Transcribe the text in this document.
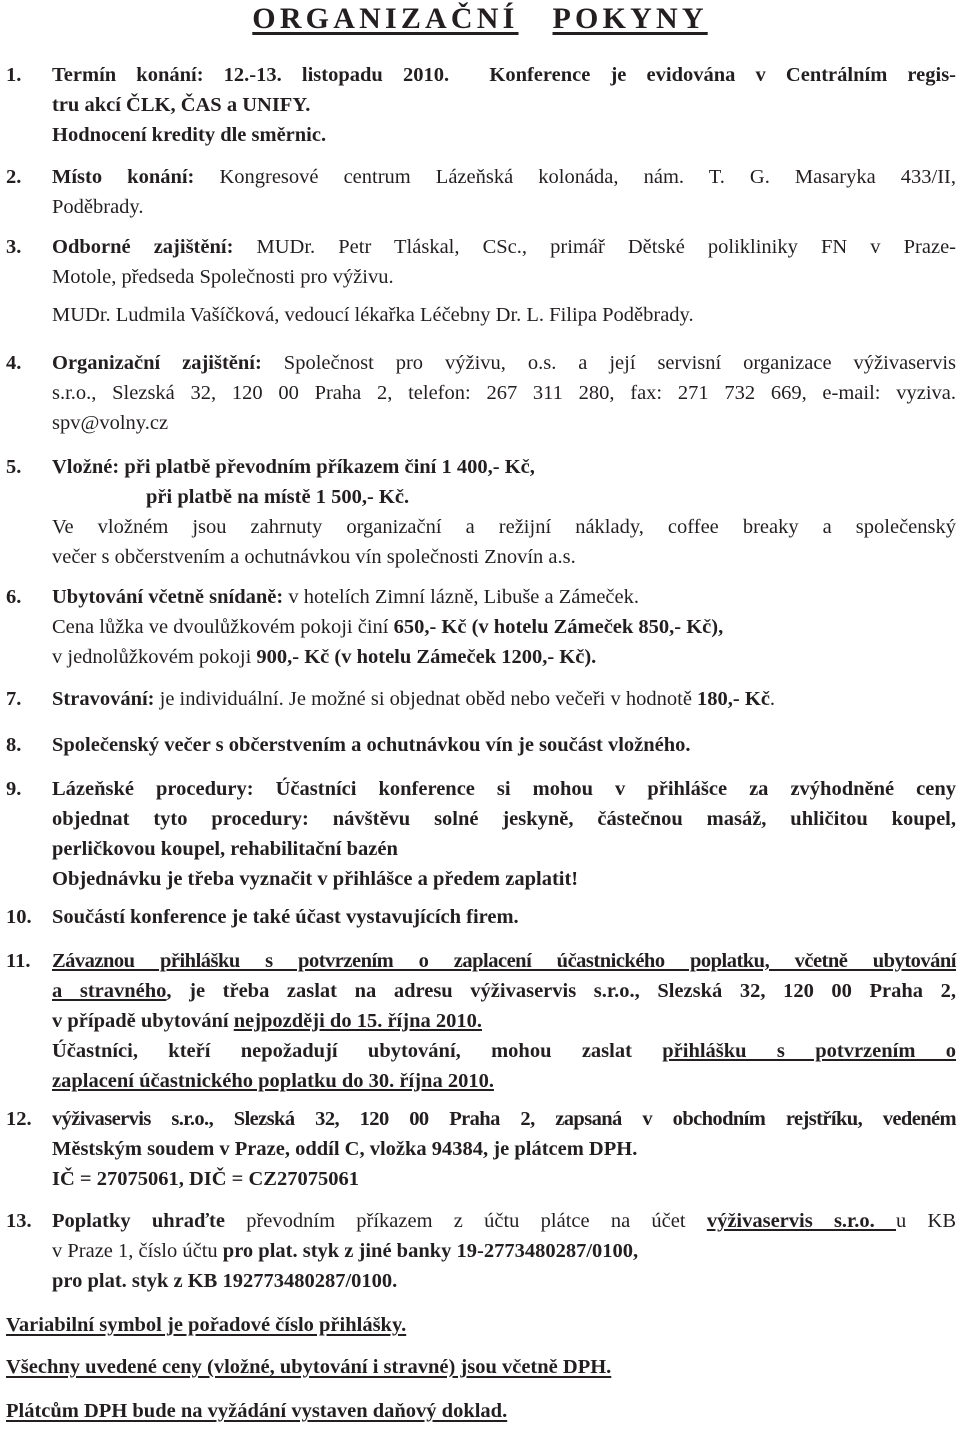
ORGANIZAČNÍ POKYNY
1.	Termín konání: 12.-13. listopadu 2010. Konference je evidována v Centrálním regis-
tru akcí ČLK, ČAS a UNIFY.
Hodnocení kredity dle směrnic.
2.	Místo konání: Kongresové centrum Lázeňská kolonáda, nám. T. G. Masaryka 433/II,
Poděbrady.
3.	Odborné zajištění: MUDr. Petr Tláskal, CSc., primář Dětské polikliniky FN v Praze-
Motole, předseda Společnosti pro výživu.
MUDr. Ludmila Vašíčková, vedoucí lékařka Léčebny Dr. L. Filipa Poděbrady.
4.	Organizační zajištění: Společnost pro výživu, o.s. a její servisní organizace výživaservis
s.r.o., Slezská 32, 120 00 Praha 2, telefon: 267 311 280, fax: 271 732 669, e-mail: vyziva.
spv@volny.cz
5.	Vložné: při platbě převodním příkazem činí 1 400,- Kč,
při platbě na místě 1 500,- Kč.
Ve vložném jsou zahrnuty organizační a režijní náklady, coffee breaky a společenský
večer s občerstvením a ochutnávkou vín společnosti Znovín a.s.
6.	Ubytování včetně snídaně: v hotelích Zimní lázně, Libuše a Zámeček.
Cena lůžka ve dvoulůžkovém pokoji činí 650,- Kč (v hotelu Zámeček 850,- Kč),
v jednolůžkovém pokoji 900,- Kč (v hotelu Zámeček 1200,- Kč).
7.	Stravování: je individuální. Je možné si objednat oběd nebo večeři v hodnotě 180,- Kč.
8.	Společenský večer s občerstvením a ochutnávkou vín je součást vložného.
9.	Lázeňské procedury: Účastníci konference si mohou v přihlášce za zvýhodněné ceny
objednat tyto procedury: návštěvu solné jeskyně, částečnou masáž, uhličitou koupel,
perličkovou koupel, rehabilitační bazén
Objednávku je třeba vyznačit v přihlášce a předem zaplatit!
10. Součástí konference je také účast vystavujících firem.
11.	Závaznou přihlášku s potvrzením o zaplacení účastnického poplatku, včetně ubytování
a stravného, je třeba zaslat na adresu výživaservis s.r.o., Slezská 32, 120 00 Praha 2,
v případě ubytování nejpozději do 15. října 2010.
Účastníci, kteří nepožadují ubytování, mohou zaslat přihlášku s potvrzením o
zaplacení účastnického poplatku do 30. října 2010.
12. výživaservis s.r.o., Slezská 32, 120 00 Praha 2, zapsaná v obchodním rejstříku, vedeném
Městským soudem v Praze, oddíl C, vložka 94384, je plátcem DPH.
IČ = 27075061, DIČ = CZ27075061
13. Poplatky uhraďte převodním příkazem z účtu plátce na účet výživaservis s.r.o. u KB
v Praze 1, číslo účtu pro plat. styk z jiné banky 19-2773480287/0100,
pro plat. styk z KB 192773480287/0100.
Variabilní symbol je pořadové číslo přihlášky.
Všechny uvedené ceny (vložné, ubytování i stravné) jsou včetně DPH.
Plátcům DPH bude na vyžádání vystaven daňový doklad.
